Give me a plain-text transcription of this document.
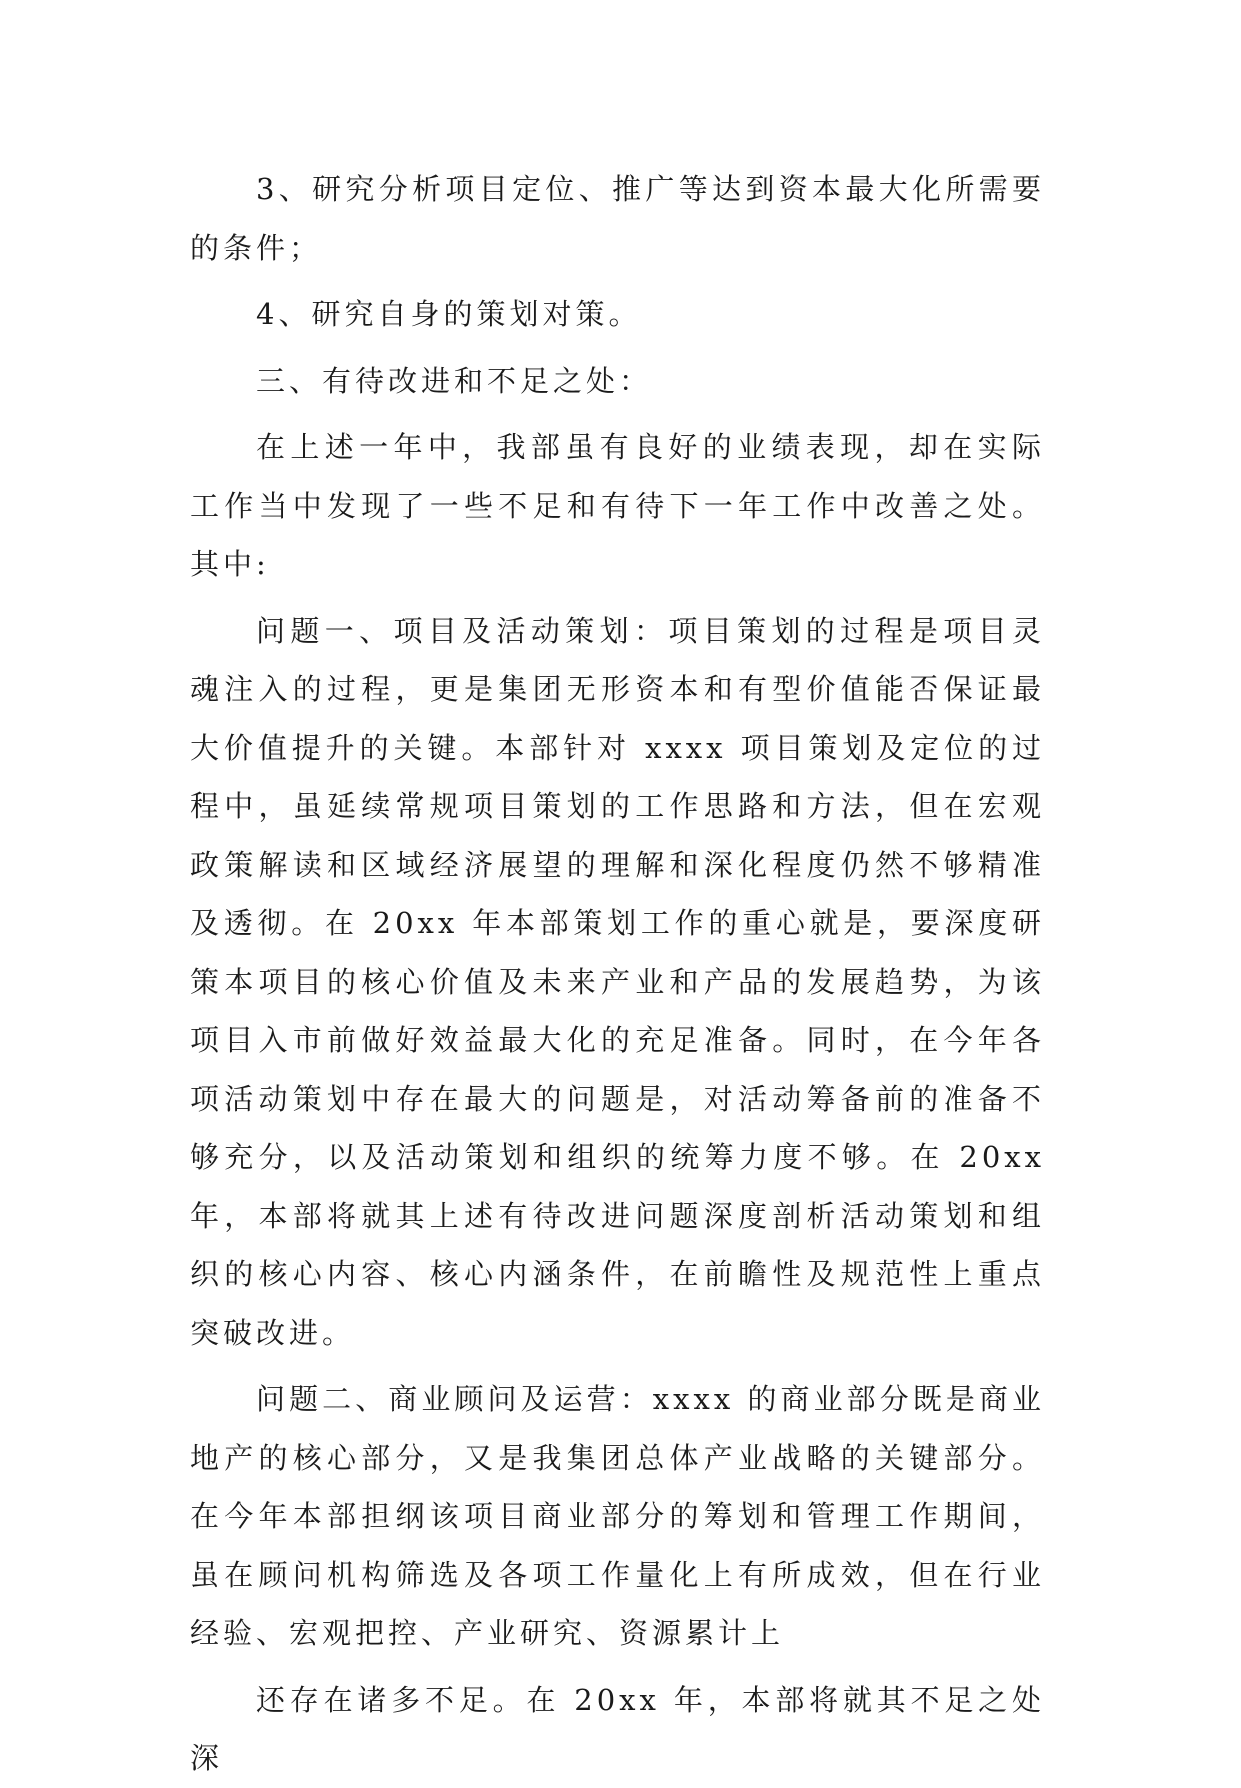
3、研究分析项目定位、推广等达到资本最大化所需要的条件；

4、研究自身的策划对策。

三、有待改进和不足之处：

在上述一年中，我部虽有良好的业绩表现，却在实际工作当中发现了一些不足和有待下一年工作中改善之处。其中:

问题一、项目及活动策划：项目策划的过程是项目灵魂注入的过程，更是集团无形资本和有型价值能否保证最大价值提升的关键。本部针对 xxxx 项目策划及定位的过程中，虽延续常规项目策划的工作思路和方法，但在宏观政策解读和区域经济展望的理解和深化程度仍然不够精准及透彻。在 20xx 年本部策划工作的重心就是，要深度研策本项目的核心价值及未来产业和产品的发展趋势，为该项目入市前做好效益最大化的充足准备。同时，在今年各项活动策划中存在最大的问题是，对活动筹备前的准备不够充分，以及活动策划和组织的统筹力度不够。在 20xx 年，本部将就其上述有待改进问题深度剖析活动策划和组织的核心内容、核心内涵条件，在前瞻性及规范性上重点突破改进。

问题二、商业顾问及运营：xxxx 的商业部分既是商业地产的核心部分，又是我集团总体产业战略的关键部分。在今年本部担纲该项目商业部分的筹划和管理工作期间，虽在顾问机构筛选及各项工作量化上有所成效，但在行业经验、宏观把控、产业研究、资源累计上

还存在诸多不足。在 20xx 年，本部将就其不足之处深
